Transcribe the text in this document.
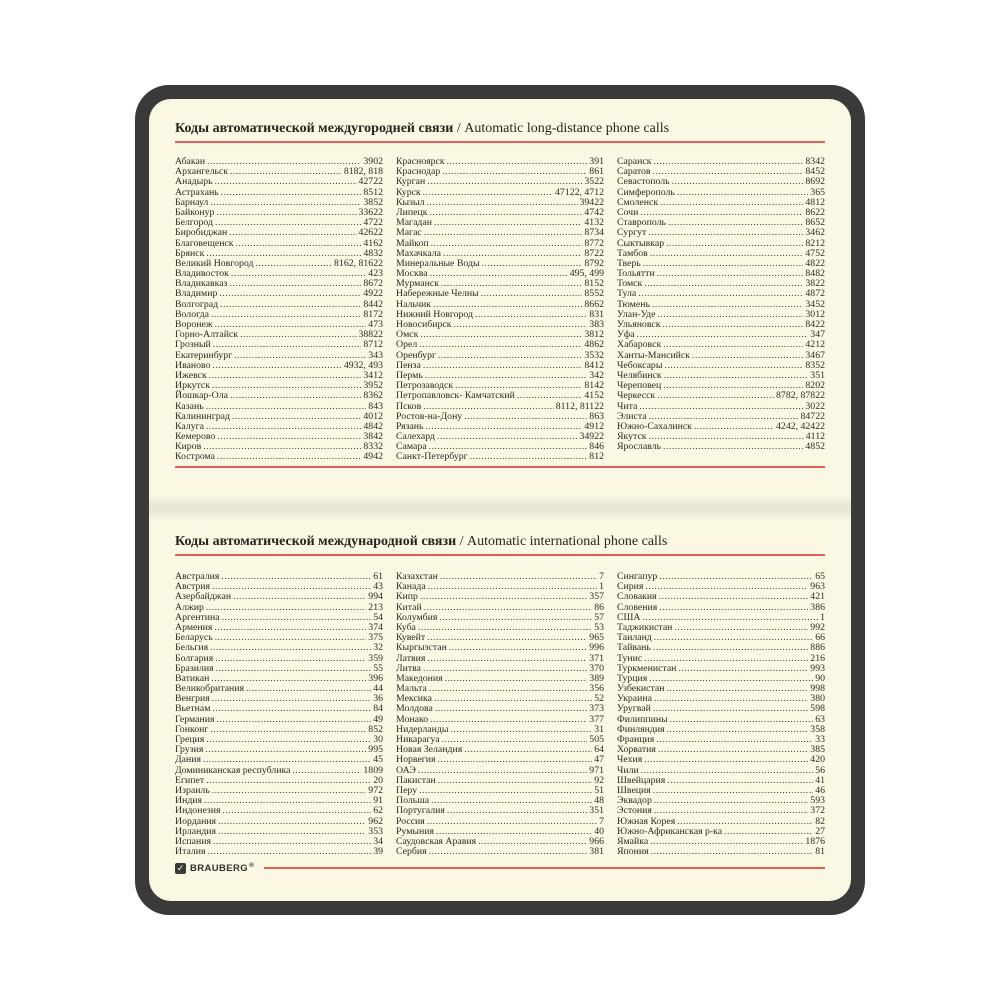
Коды автоматической междугородней связи / Automatic long-distance phone calls
Абакан .....	3902
Архангельск .....	8182, 818
Анадырь .....	42722
Астрахань .....	8512
Барнаул .....	3852
Байконур .....	33622
Белгород .....	4722
Биробиджан .....	42622
Благовещенск .....	4162
Брянск .....	4832
Великий Новгород .....	8162, 81622
Владивосток .....	423
Владикавказ .....	8672
Владимир .....	4922
Волгоград .....	8442
Вологда .....	8172
Воронеж .....	473
Горно-Алтайск .....	38822
Грозный .....	8712
Екатеринбург .....	343
Иваново .....	4932, 493
Ижевск .....	3412
Иркутск .....	3952
Йошкар-Ола .....	8362
Казань .....	843
Калининград .....	4012
Калуга .....	4842
Кемерово .....	3842
Киров .....	8332
Кострома .....	4942
Красноярск .....	391
Краснодар .....	861
Курган .....	3522
Курск .....	47122, 4712
Кызыл .....	39422
Липецк .....	4742
Магадан .....	4132
Магас .....	8734
Майкоп .....	8772
Махачкала .....	8722
Минеральные Воды .....	8792
Москва .....	495, 499
Мурманск .....	8152
Набережные Челны .....	8552
Нальчик .....	8662
Нижний Новгород .....	831
Новосибирск .....	383
Омск .....	3812
Орел .....	4862
Оренбург .....	3532
Пенза .....	8412
Пермь .....	342
Петрозаводск .....	8142
Петропавловск- Камчатский .....	4152
Псков .....	8112, 81122
Ростов-на-Дону .....	863
Рязань .....	4912
Салехард .....	34922
Самара .....	846
Санкт-Петербург .....	812
Саранск .....	8342
Саратов .....	8452
Севастополь .....	8692
Симферополь .....	365
Смоленск .....	4812
Сочи .....	8622
Ставрополь .....	8652
Сургут .....	3462
Сыктывкар .....	8212
Тамбов .....	4752
Тверь .....	4822
Тольятти .....	8482
Томск .....	3822
Тула .....	4872
Тюмень .....	3452
Улан-Уде .....	3012
Ульяновск .....	8422
Уфа .....	347
Хабаровск .....	4212
Ханты-Мансийск .....	3467
Чебоксары .....	8352
Челябинск .....	351
Череповец .....	8202
Черкесск .....	8782, 87822
Чита .....	3022
Элиста .....	84722
Южно-Сахалинск .....	4242, 42422
Якутск .....	4112
Ярославль .....	4852
Коды автоматической международной связи / Automatic international phone calls
Австралия .....	61
Австрия .....	43
Азербайджан .....	994
Алжир .....	213
Аргентина .....	54
Армения .....	374
Беларусь .....	375
Бельгия .....	32
Болгария .....	359
Бразилия .....	55
Ватикан .....	396
Великобритания .....	44
Венгрия .....	36
Вьетнам .....	84
Германия .....	49
Гонконг .....	852
Греция .....	30
Грузия .....	995
Дания .....	45
Доминиканская республика .....	1809
Египет .....	20
Израиль .....	972
Индия .....	91
Индонезия .....	62
Иордания .....	962
Ирландия .....	353
Испания .....	34
Италия .....	39
Казахстан .....	7
Канада .....	1
Кипр .....	357
Китай .....	86
Колумбия .....	57
Куба .....	53
Кувейт .....	965
Кыргызстан .....	996
Латвия .....	371
Литва .....	370
Македония .....	389
Мальта .....	356
Мексика .....	52
Молдова .....	373
Монако .....	377
Нидерланды .....	31
Никарагуа .....	505
Новая Зеландия .....	64
Норвегия .....	47
ОАЭ .....	971
Пакистан .....	92
Перу .....	51
Польша .....	48
Португалия .....	351
Россия .....	7
Румыния .....	40
Саудовская Аравия .....	966
Сербия .....	381
Сингапур .....	65
Сирия .....	963
Словакия .....	421
Словения .....	386
США .....	1
Таджикистан .....	992
Таиланд .....	66
Тайвань .....	886
Тунис .....	216
Туркменистан .....	993
Турция .....	90
Узбекистан .....	998
Украина .....	380
Уругвай .....	598
Филиппины .....	63
Финляндия .....	358
Франция .....	33
Хорватия .....	385
Чехия .....	420
Чили .....	56
Швейцария .....	41
Швеция .....	46
Эквадор .....	593
Эстония .....	372
Южная Корея .....	82
Южно-Африканская р-ка .....	27
Ямайка .....	1876
Япония .....	81
✓ BRAUBERG®
